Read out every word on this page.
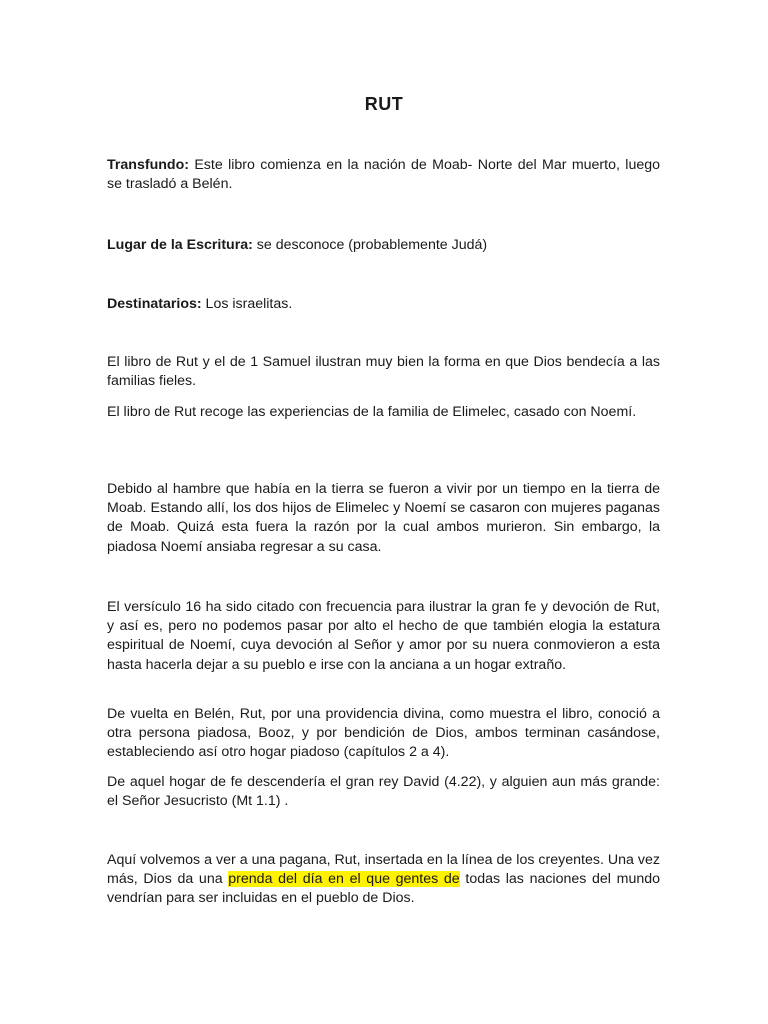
RUT

Transfundo: Este libro comienza en la nación de Moab- Norte del Mar muerto, luego se trasladó a Belén.

Lugar de la Escritura: se desconoce (probablemente Judá)

Destinatarios: Los israelitas.

El libro de Rut y el de 1 Samuel ilustran muy bien la forma en que Dios bendecía a las familias fieles.

El libro de Rut recoge las experiencias de la familia de Elimelec, casado con Noemí.

Debido al hambre que había en la tierra se fueron a vivir por un tiempo en la tierra de Moab. Estando allí, los dos hijos de Elimelec y Noemí se casaron con mujeres paganas de Moab. Quizá esta fuera la razón por la cual ambos murieron. Sin embargo, la piadosa Noemí ansiaba regresar a su casa.

El versículo 16 ha sido citado con frecuencia para ilustrar la gran fe y devoción de Rut, y así es, pero no podemos pasar por alto el hecho de que también elogia la estatura espiritual de Noemí, cuya devoción al Señor y amor por su nuera conmovieron a esta hasta hacerla dejar a su pueblo e irse con la anciana a un hogar extraño.

De vuelta en Belén, Rut, por una providencia divina, como muestra el libro, conoció a otra persona piadosa, Booz, y por bendición de Dios, ambos terminan casándose, estableciendo así otro hogar piadoso (capítulos 2 a 4).

De aquel hogar de fe descendería el gran rey David (4.22), y alguien aun más grande: el Señor Jesucristo (Mt 1.1) .

Aquí volvemos a ver a una pagana, Rut, insertada en la línea de los creyentes. Una vez más, Dios da una prenda del día en el que gentes de todas las naciones del mundo vendrían para ser incluidas en el pueblo de Dios.
